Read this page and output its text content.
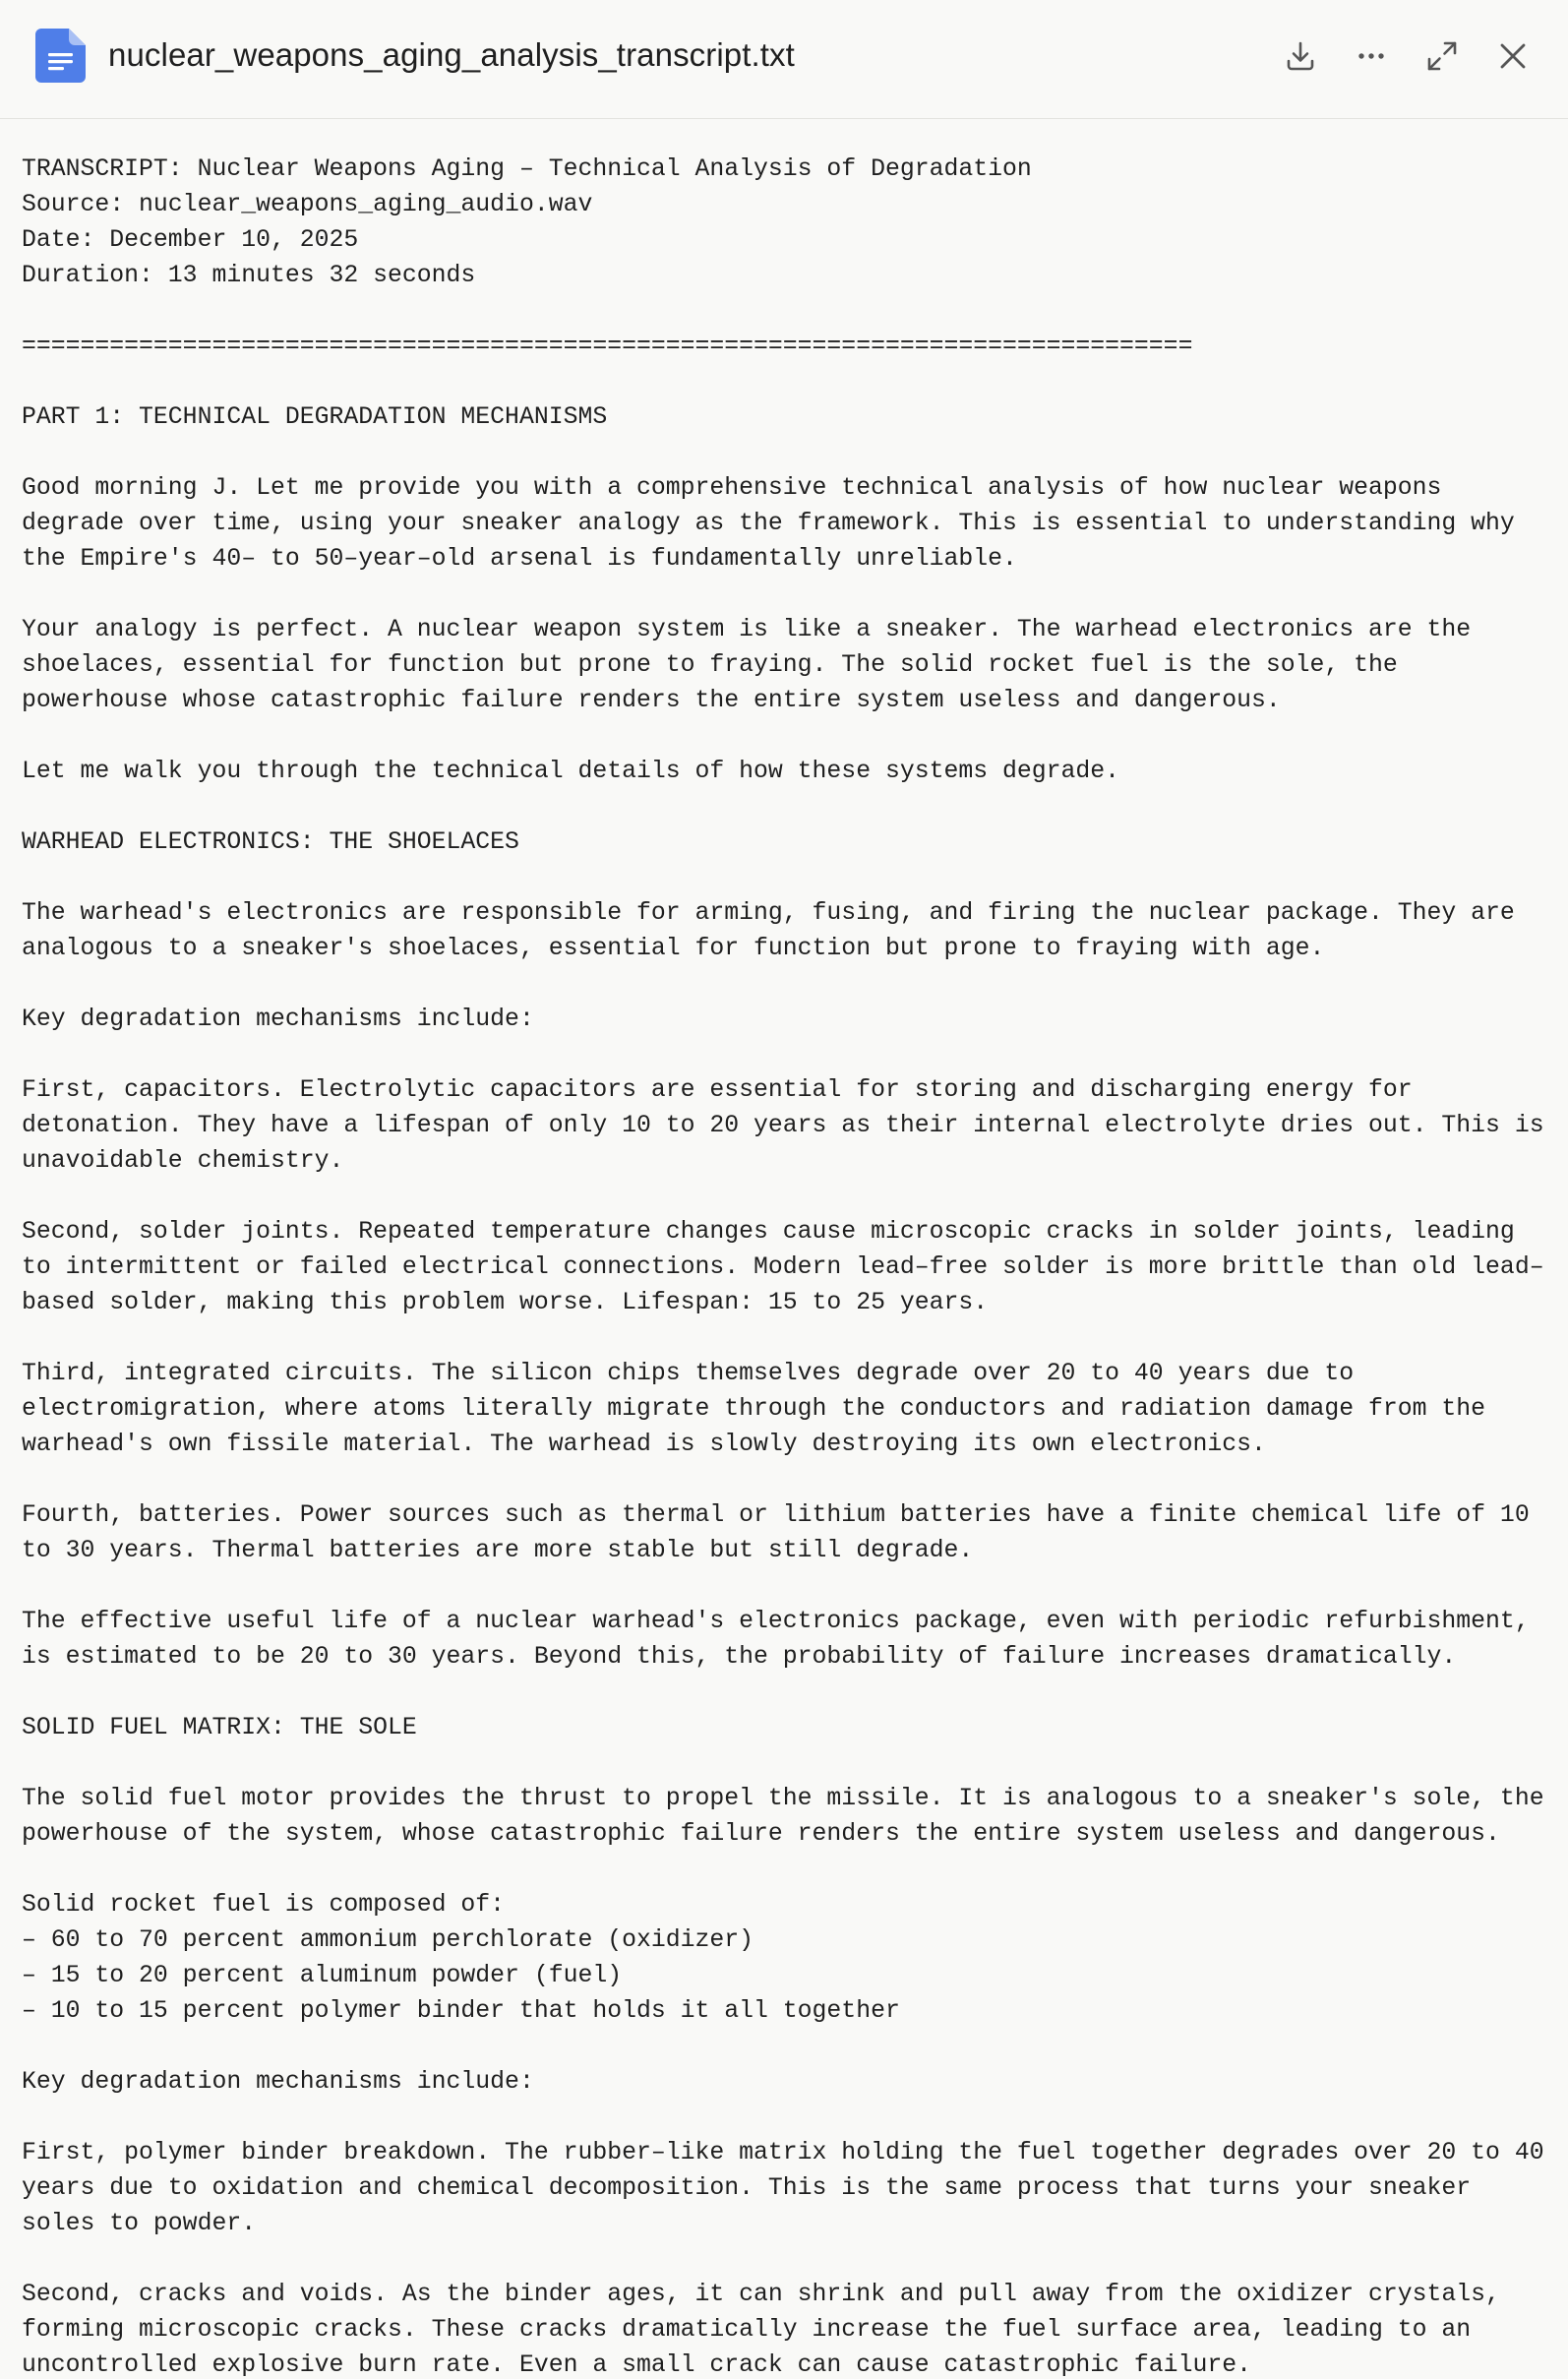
nuclear_weapons_aging_analysis_transcript.txt
TRANSCRIPT: Nuclear Weapons Aging – Technical Analysis of Degradation
Source: nuclear_weapons_aging_audio.wav
Date: December 10, 2025
Duration: 13 minutes 32 seconds
================================================================================
PART 1: TECHNICAL DEGRADATION MECHANISMS
Good morning J. Let me provide you with a comprehensive technical analysis of how nuclear weapons
degrade over time, using your sneaker analogy as the framework. This is essential to understanding why
the Empire's 40– to 50–year–old arsenal is fundamentally unreliable.
Your analogy is perfect. A nuclear weapon system is like a sneaker. The warhead electronics are the
shoelaces, essential for function but prone to fraying. The solid rocket fuel is the sole, the
powerhouse whose catastrophic failure renders the entire system useless and dangerous.
Let me walk you through the technical details of how these systems degrade.
WARHEAD ELECTRONICS: THE SHOELACES
The warhead's electronics are responsible for arming, fusing, and firing the nuclear package. They are
analogous to a sneaker's shoelaces, essential for function but prone to fraying with age.
Key degradation mechanisms include:
First, capacitors. Electrolytic capacitors are essential for storing and discharging energy for
detonation. They have a lifespan of only 10 to 20 years as their internal electrolyte dries out. This is
unavoidable chemistry.
Second, solder joints. Repeated temperature changes cause microscopic cracks in solder joints, leading
to intermittent or failed electrical connections. Modern lead–free solder is more brittle than old lead–
based solder, making this problem worse. Lifespan: 15 to 25 years.
Third, integrated circuits. The silicon chips themselves degrade over 20 to 40 years due to
electromigration, where atoms literally migrate through the conductors and radiation damage from the
warhead's own fissile material. The warhead is slowly destroying its own electronics.
Fourth, batteries. Power sources such as thermal or lithium batteries have a finite chemical life of 10
to 30 years. Thermal batteries are more stable but still degrade.
The effective useful life of a nuclear warhead's electronics package, even with periodic refurbishment,
is estimated to be 20 to 30 years. Beyond this, the probability of failure increases dramatically.
SOLID FUEL MATRIX: THE SOLE
The solid fuel motor provides the thrust to propel the missile. It is analogous to a sneaker's sole, the
powerhouse of the system, whose catastrophic failure renders the entire system useless and dangerous.
Solid rocket fuel is composed of:
– 60 to 70 percent ammonium perchlorate (oxidizer)
– 15 to 20 percent aluminum powder (fuel)
– 10 to 15 percent polymer binder that holds it all together
Key degradation mechanisms include:
First, polymer binder breakdown. The rubber–like matrix holding the fuel together degrades over 20 to 40
years due to oxidation and chemical decomposition. This is the same process that turns your sneaker
soles to powder.
Second, cracks and voids. As the binder ages, it can shrink and pull away from the oxidizer crystals,
forming microscopic cracks. These cracks dramatically increase the fuel surface area, leading to an
uncontrolled explosive burn rate. Even a small crack can cause catastrophic failure.
